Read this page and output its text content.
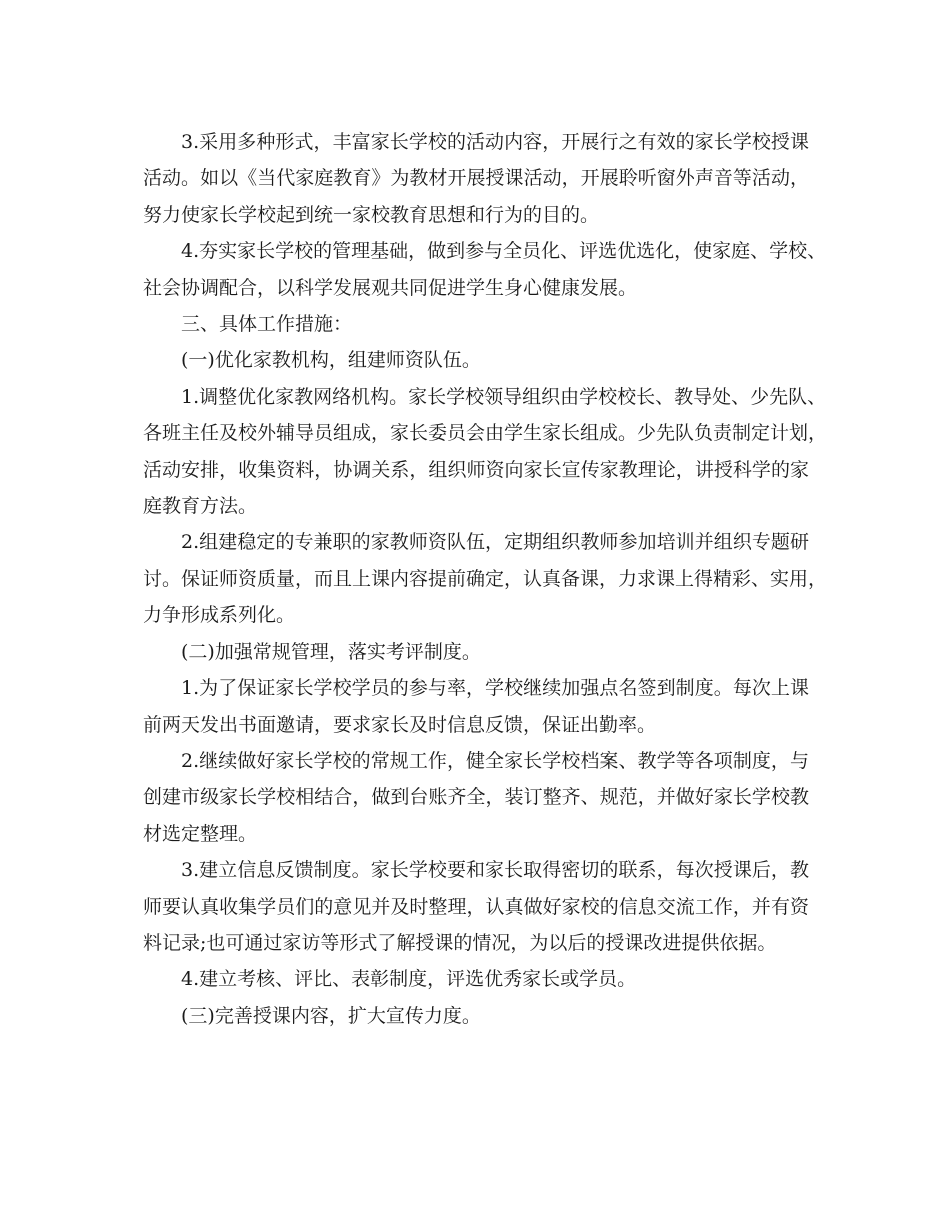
3.采用多种形式，丰富家长学校的活动内容，开展行之有效的家长学校授课
活动。如以《当代家庭教育》为教材开展授课活动，开展聆听窗外声音等活动，
努力使家长学校起到统一家校教育思想和行为的目的。
4.夯实家长学校的管理基础，做到参与全员化、评选优选化，使家庭、学校、
社会协调配合，以科学发展观共同促进学生身心健康发展。
三、具体工作措施：
(一)优化家教机构，组建师资队伍。
1.调整优化家教网络机构。家长学校领导组织由学校校长、教导处、少先队、
各班主任及校外辅导员组成，家长委员会由学生家长组成。少先队负责制定计划，
活动安排，收集资料，协调关系，组织师资向家长宣传家教理论，讲授科学的家
庭教育方法。
2.组建稳定的专兼职的家教师资队伍，定期组织教师参加培训并组织专题研
讨。保证师资质量，而且上课内容提前确定，认真备课，力求课上得精彩、实用，
力争形成系列化。
(二)加强常规管理，落实考评制度。
1.为了保证家长学校学员的参与率，学校继续加强点名签到制度。每次上课
前两天发出书面邀请，要求家长及时信息反馈，保证出勤率。
2.继续做好家长学校的常规工作，健全家长学校档案、教学等各项制度，与
创建市级家长学校相结合，做到台账齐全，装订整齐、规范，并做好家长学校教
材选定整理。
3.建立信息反馈制度。家长学校要和家长取得密切的联系，每次授课后，教
师要认真收集学员们的意见并及时整理，认真做好家校的信息交流工作，并有资
料记录;也可通过家访等形式了解授课的情况，为以后的授课改进提供依据。
4.建立考核、评比、表彰制度，评选优秀家长或学员。
(三)完善授课内容，扩大宣传力度。
